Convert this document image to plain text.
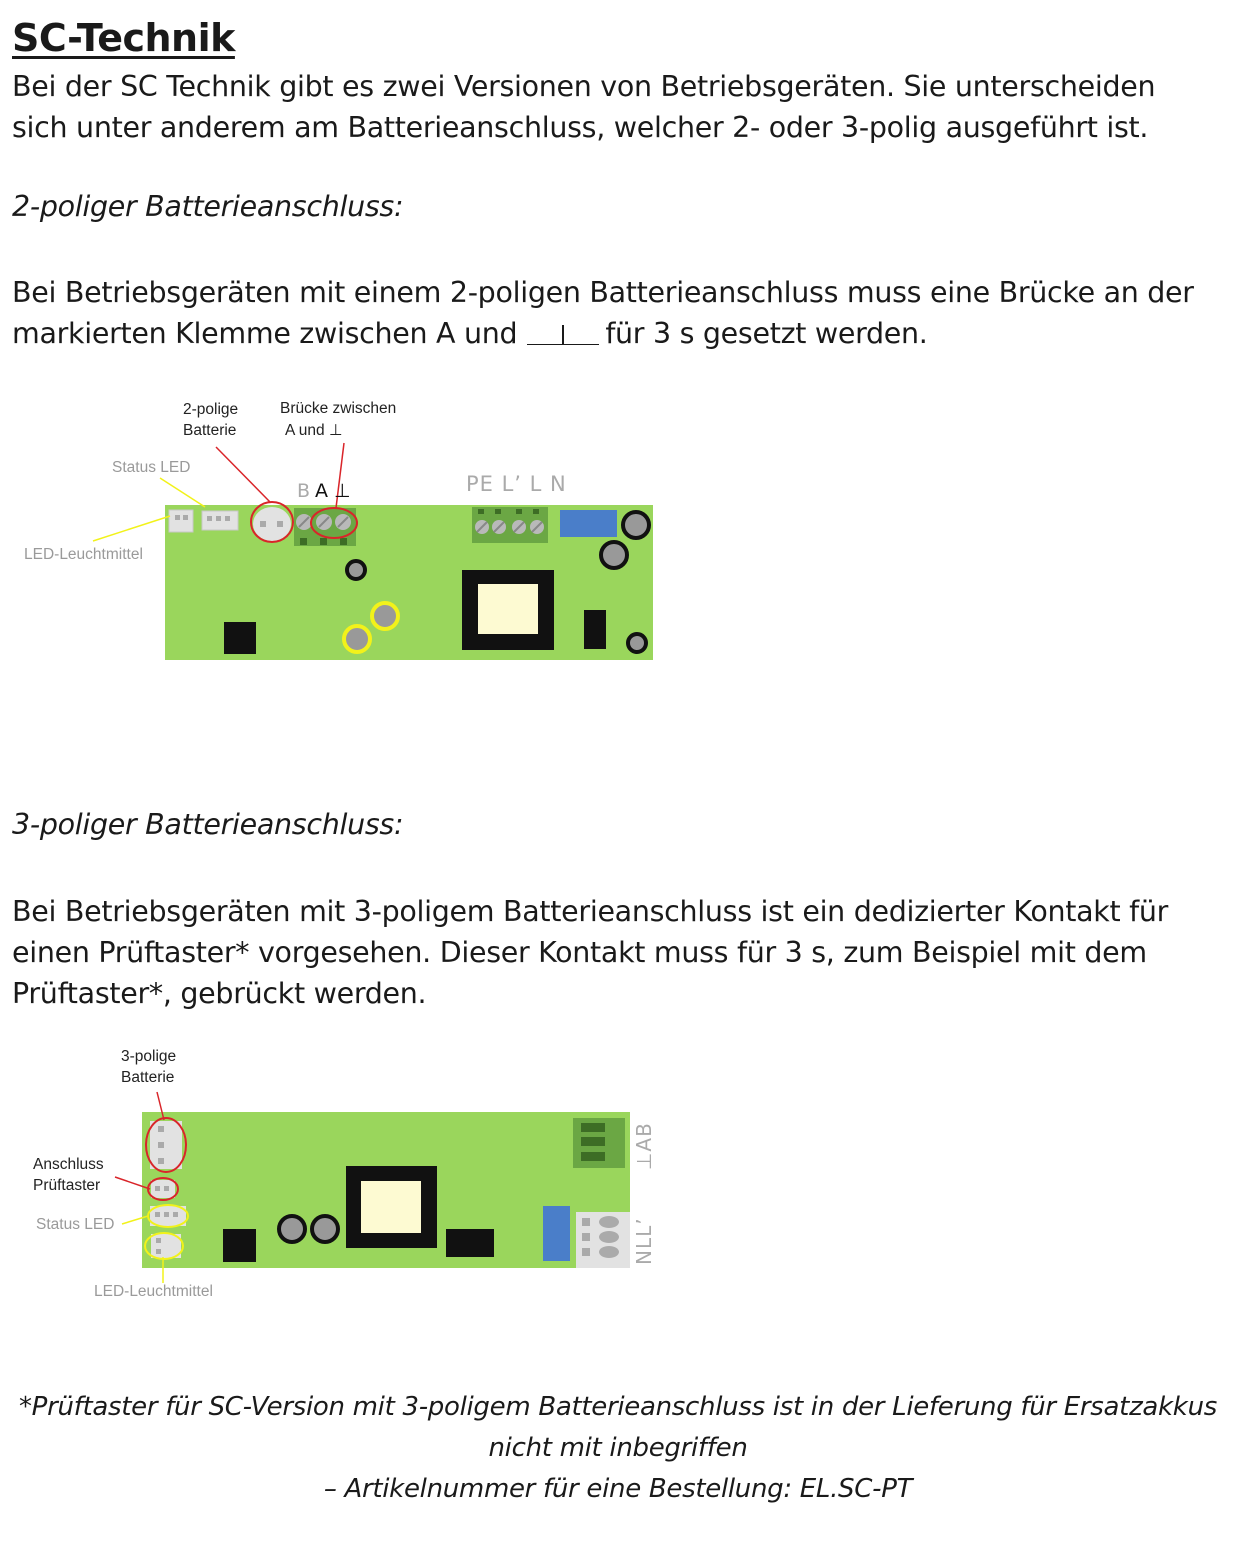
SC-Technik
Bei der SC Technik gibt es zwei Versionen von Betriebsgeräten. Sie unterscheiden
sich unter anderem am Batterieanschluss, welcher 2- oder 3-polig ausgeführt ist.
2-poliger Batterieanschluss:
Bei Betriebsgeräten mit einem 2-poligen Batterieanschluss muss eine Brücke an der
markierten Klemme zwischen A und	für 3 s gesetzt werden.
2-polige
Batterie
Brücke zwischen
A und ⊥
Status LED
LED-Leuchtmittel
B A ⊥	PE L’ L N
3-poliger Batterieanschluss:
Bei Betriebsgeräten mit 3-poligem Batterieanschluss ist ein dedizierter Kontakt für
einen Prüftaster* vorgesehen. Dieser Kontakt muss für 3 s, zum Beispiel mit dem
Prüftaster*, gebrückt werden.
3-polige
Batterie
Anschluss
Prüftaster
Status LED
LED-Leuchtmittel
⊥AB
NLL’
*Prüftaster für SC-Version mit 3-poligem Batterieanschluss ist in der Lieferung für Ersatzakkus
nicht mit inbegriffen
– Artikelnummer für eine Bestellung: EL.SC-PT
